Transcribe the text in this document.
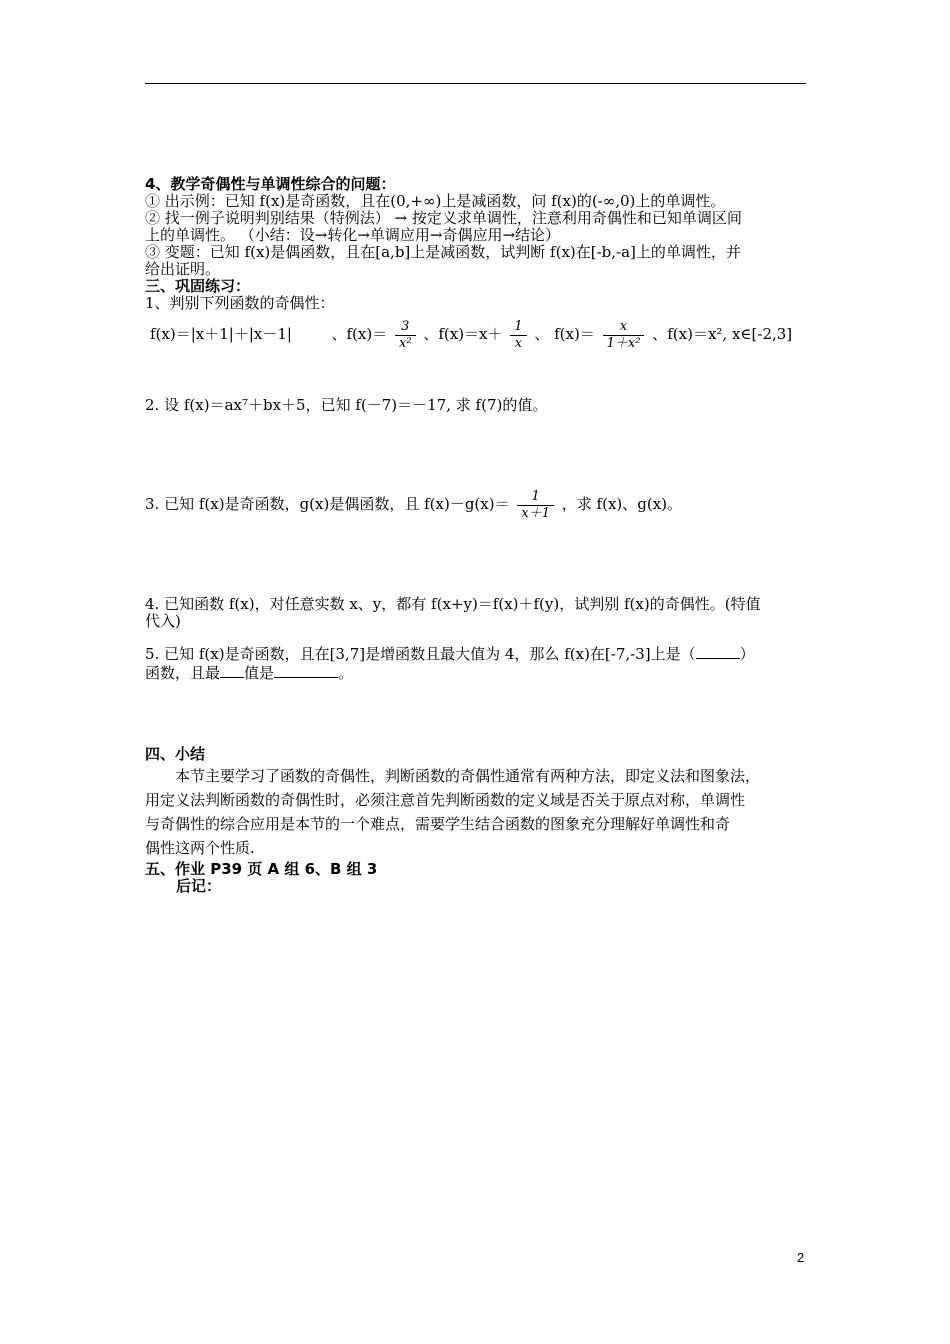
4、教学奇偶性与单调性综合的问题：
① 出示例：已知 f(x)是奇函数，且在(0,+∞)上是减函数，问 f(x)的(-∞,0)上的单调性。
② 找一例子说明判别结果（特例法） → 按定义求单调性，注意利用奇偶性和已知单调区间
上的单调性。 （小结：设→转化→单调应用→奇偶应用→结论）
③ 变题：已知 f(x)是偶函数，且在[a,b]上是减函数，试判断 f(x)在[-b,-a]上的单调性，并
给出证明。
三、巩固练习：
1、判别下列函数的奇偶性：
f(x)＝|x＋1|＋|x－1|	、$f(x)= \frac{3}{\text{x²}}$ 、$f(x)=x+ \frac{1}{x}$ 、 $f(x)= \frac{x}{\text{1＋x²}}$ 、f(x)＝x², x∈[-2,3]
2. 设 f(x)＝ax⁷＋bx＋5，已知 f(－7)＝－17, 求 f(7)的值。
3. 已知 f(x)是奇函数，g(x)是偶函数，且 $f(x)-g(x)= \frac{1}{x+1}$ ，求 f(x)、g(x)。
4. 已知函数 f(x)，对任意实数 x、y，都有 f(x+y)＝f(x)＋f(y)，试判别 f(x)的奇偶性。(特值
代入)
5. 已知 f(x)是奇函数，且在[3,7]是增函数且最大值为 4，那么 f(x)在[-7,-3]上是（	）
函数，且最 值是	。
四、小结
本节主要学习了函数的奇偶性，判断函数的奇偶性通常有两种方法，即定义法和图象法，
用定义法判断函数的奇偶性时，必须注意首先判断函数的定义域是否关于原点对称，单调性
与奇偶性的综合应用是本节的一个难点，需要学生结合函数的图象充分理解好单调性和奇
偶性这两个性质.
五、作业 P39 页 A 组 6、B 组 3
后记：
2
